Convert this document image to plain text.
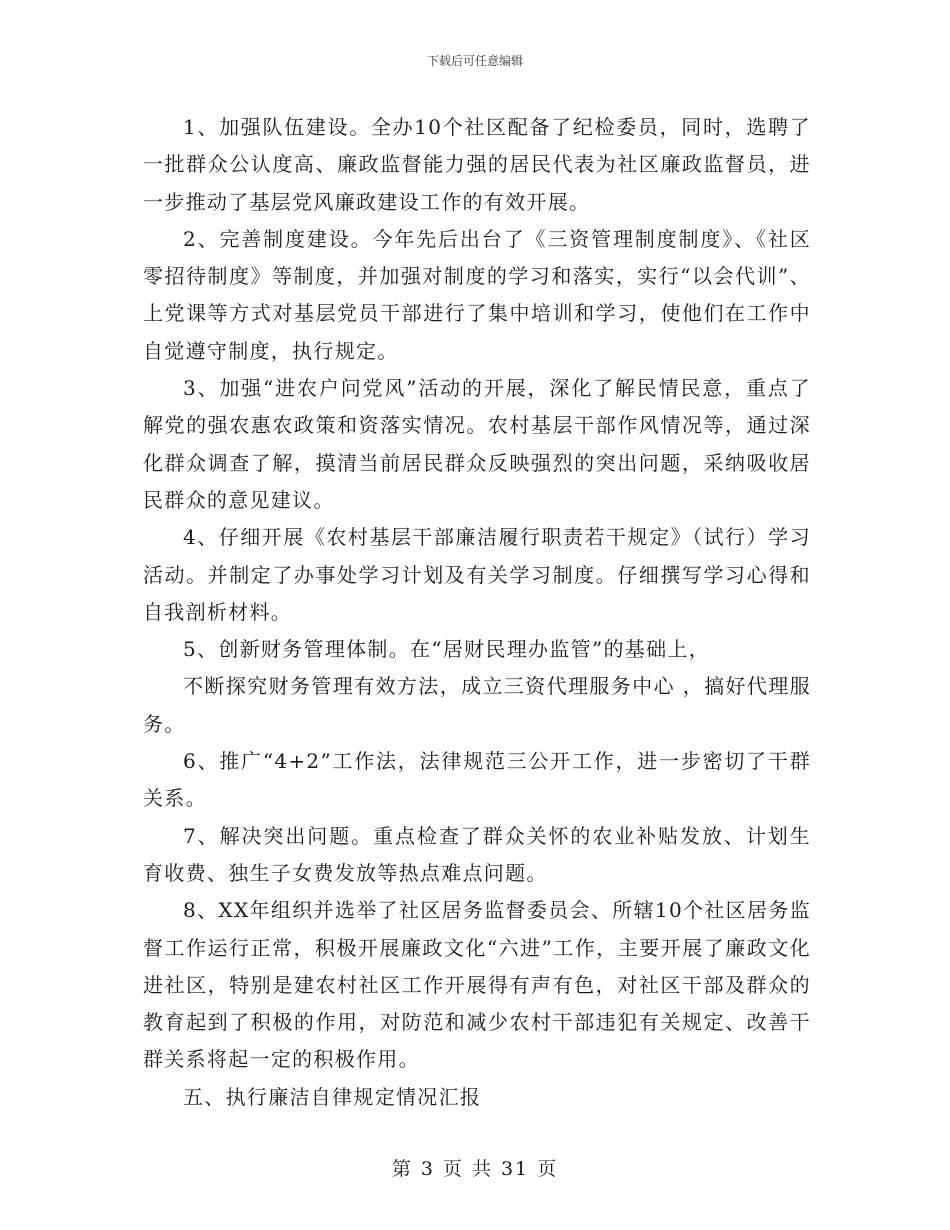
下载后可任意编辑

1、加强队伍建设。全办10个社区配备了纪检委员，同时，选聘了一批群众公认度高、廉政监督能力强的居民代表为社区廉政监督员，进一步推动了基层党风廉政建设工作的有效开展。

2、完善制度建设。今年先后出台了《三资管理制度制度》、《社区零招待制度》等制度，并加强对制度的学习和落实，实行“以会代训”、上党课等方式对基层党员干部进行了集中培训和学习，使他们在工作中自觉遵守制度，执行规定。

3、加强“进农户问党风”活动的开展，深化了解民情民意，重点了解党的强农惠农政策和资落实情况。农村基层干部作风情况等，通过深化群众调查了解，摸清当前居民群众反映强烈的突出问题，采纳吸收居民群众的意见建议。

4、仔细开展《农村基层干部廉洁履行职责若干规定》（试行）学习活动。并制定了办事处学习计划及有关学习制度。仔细撰写学习心得和自我剖析材料。

5、创新财务管理体制。在“居财民理办监管”的基础上，

不断探究财务管理有效方法，成立三资代理服务中心 ，搞好代理服务。

6、推广“4+2”工作法，法律规范三公开工作，进一步密切了干群关系。

7、解决突出问题。重点检查了群众关怀的农业补贴发放、计划生育收费、独生子女费发放等热点难点问题。

8、XX年组织并选举了社区居务监督委员会、所辖10个社区居务监督工作运行正常，积极开展廉政文化“六进”工作，主要开展了廉政文化进社区，特别是建农村社区工作开展得有声有色，对社区干部及群众的教育起到了积极的作用，对防范和减少农村干部违犯有关规定、改善干群关系将起一定的积极作用。

五、执行廉洁自律规定情况汇报

第 3 页 共 31 页
